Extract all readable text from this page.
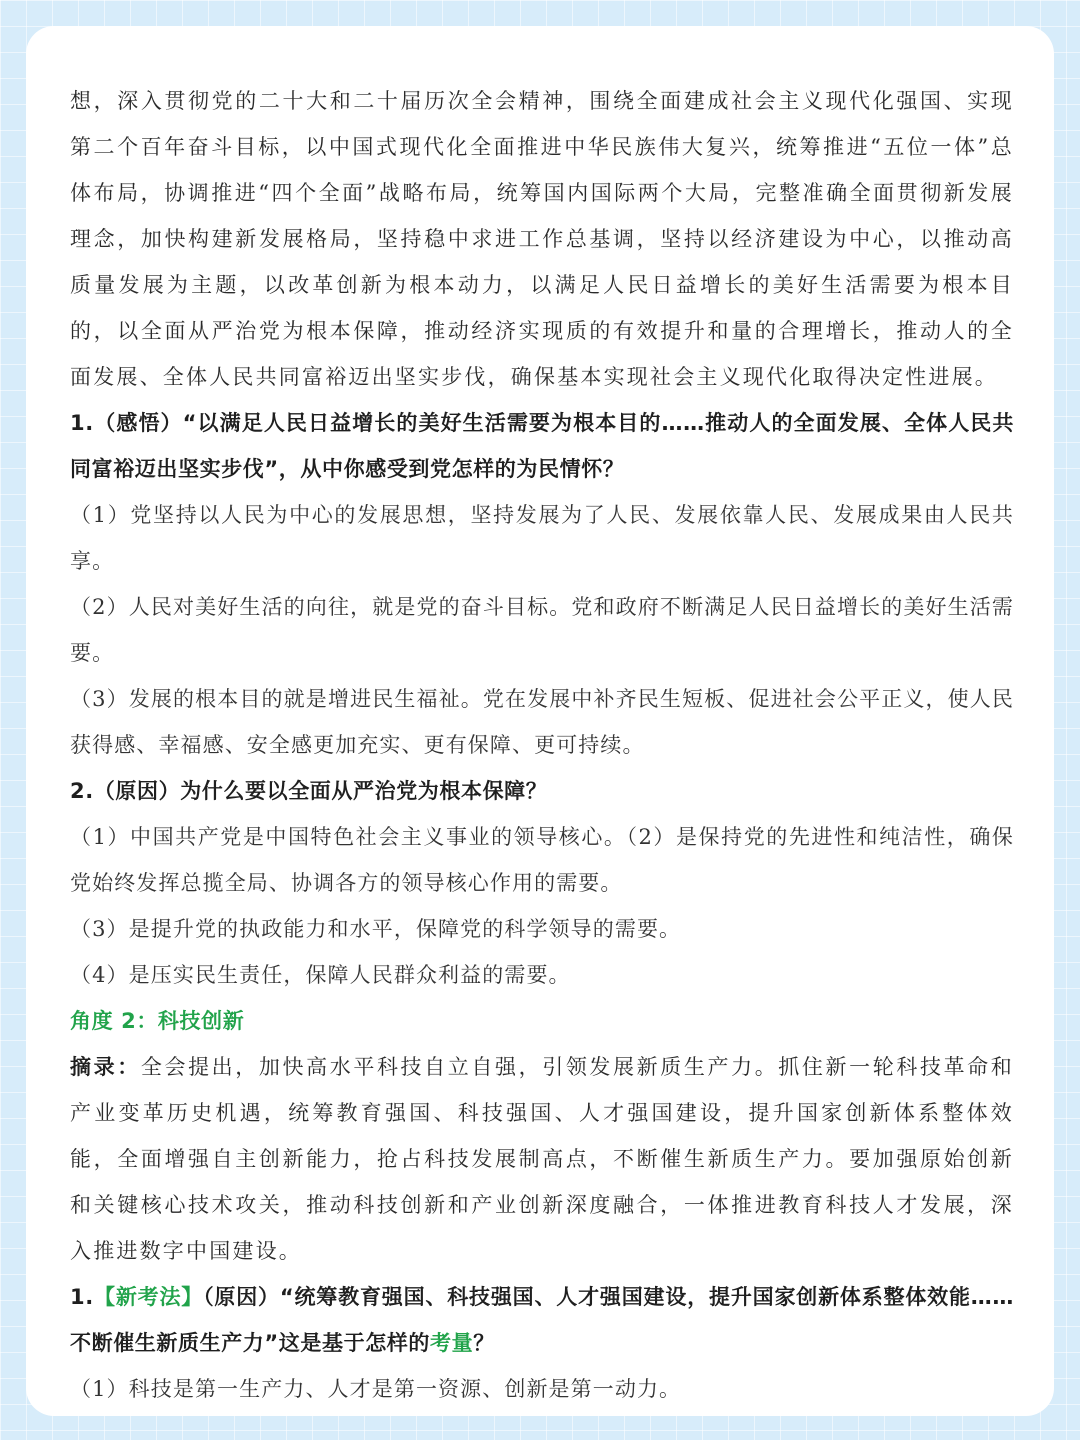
想，深入贯彻党的二十大和二十届历次全会精神，围绕全面建成社会主义现代化强国、实现第二个百年奋斗目标，以中国式现代化全面推进中华民族伟大复兴，统筹推进“五位一体”总体布局，协调推进“四个全面”战略布局，统筹国内国际两个大局，完整准确全面贯彻新发展理念，加快构建新发展格局，坚持稳中求进工作总基调，坚持以经济建设为中心，以推动高质量发展为主题，以改革创新为根本动力，以满足人民日益增长的美好生活需要为根本目的，以全面从严治党为根本保障，推动经济实现质的有效提升和量的合理增长，推动人的全面发展、全体人民共同富裕迈出坚实步伐，确保基本实现社会主义现代化取得决定性进展。

1.（感悟）“以满足人民日益增长的美好生活需要为根本目的……推动人的全面发展、全体人民共同富裕迈出坚实步伐”，从中你感受到党怎样的为民情怀？

（1）党坚持以人民为中心的发展思想，坚持发展为了人民、发展依靠人民、发展成果由人民共享。

（2）人民对美好生活的向往，就是党的奋斗目标。党和政府不断满足人民日益增长的美好生活需要。

（3）发展的根本目的就是增进民生福祉。党在发展中补齐民生短板、促进社会公平正义，使人民获得感、幸福感、安全感更加充实、更有保障、更可持续。

2.（原因）为什么要以全面从严治党为根本保障？

（1）中国共产党是中国特色社会主义事业的领导核心。（2）是保持党的先进性和纯洁性，确保党始终发挥总揽全局、协调各方的领导核心作用的需要。

（3）是提升党的执政能力和水平，保障党的科学领导的需要。

（4）是压实民生责任，保障人民群众利益的需要。

角度 2：科技创新

摘录：全会提出，加快高水平科技自立自强，引领发展新质生产力。抓住新一轮科技革命和产业变革历史机遇，统筹教育强国、科技强国、人才强国建设，提升国家创新体系整体效能，全面增强自主创新能力，抢占科技发展制高点，不断催生新质生产力。要加强原始创新和关键核心技术攻关，推动科技创新和产业创新深度融合，一体推进教育科技人才发展，深入推进数字中国建设。

1.【新考法】（原因）“统筹教育强国、科技强国、人才强国建设，提升国家创新体系整体效能……不断催生新质生产力”这是基于怎样的考量？

（1）科技是第一生产力、人才是第一资源、创新是第一动力。
